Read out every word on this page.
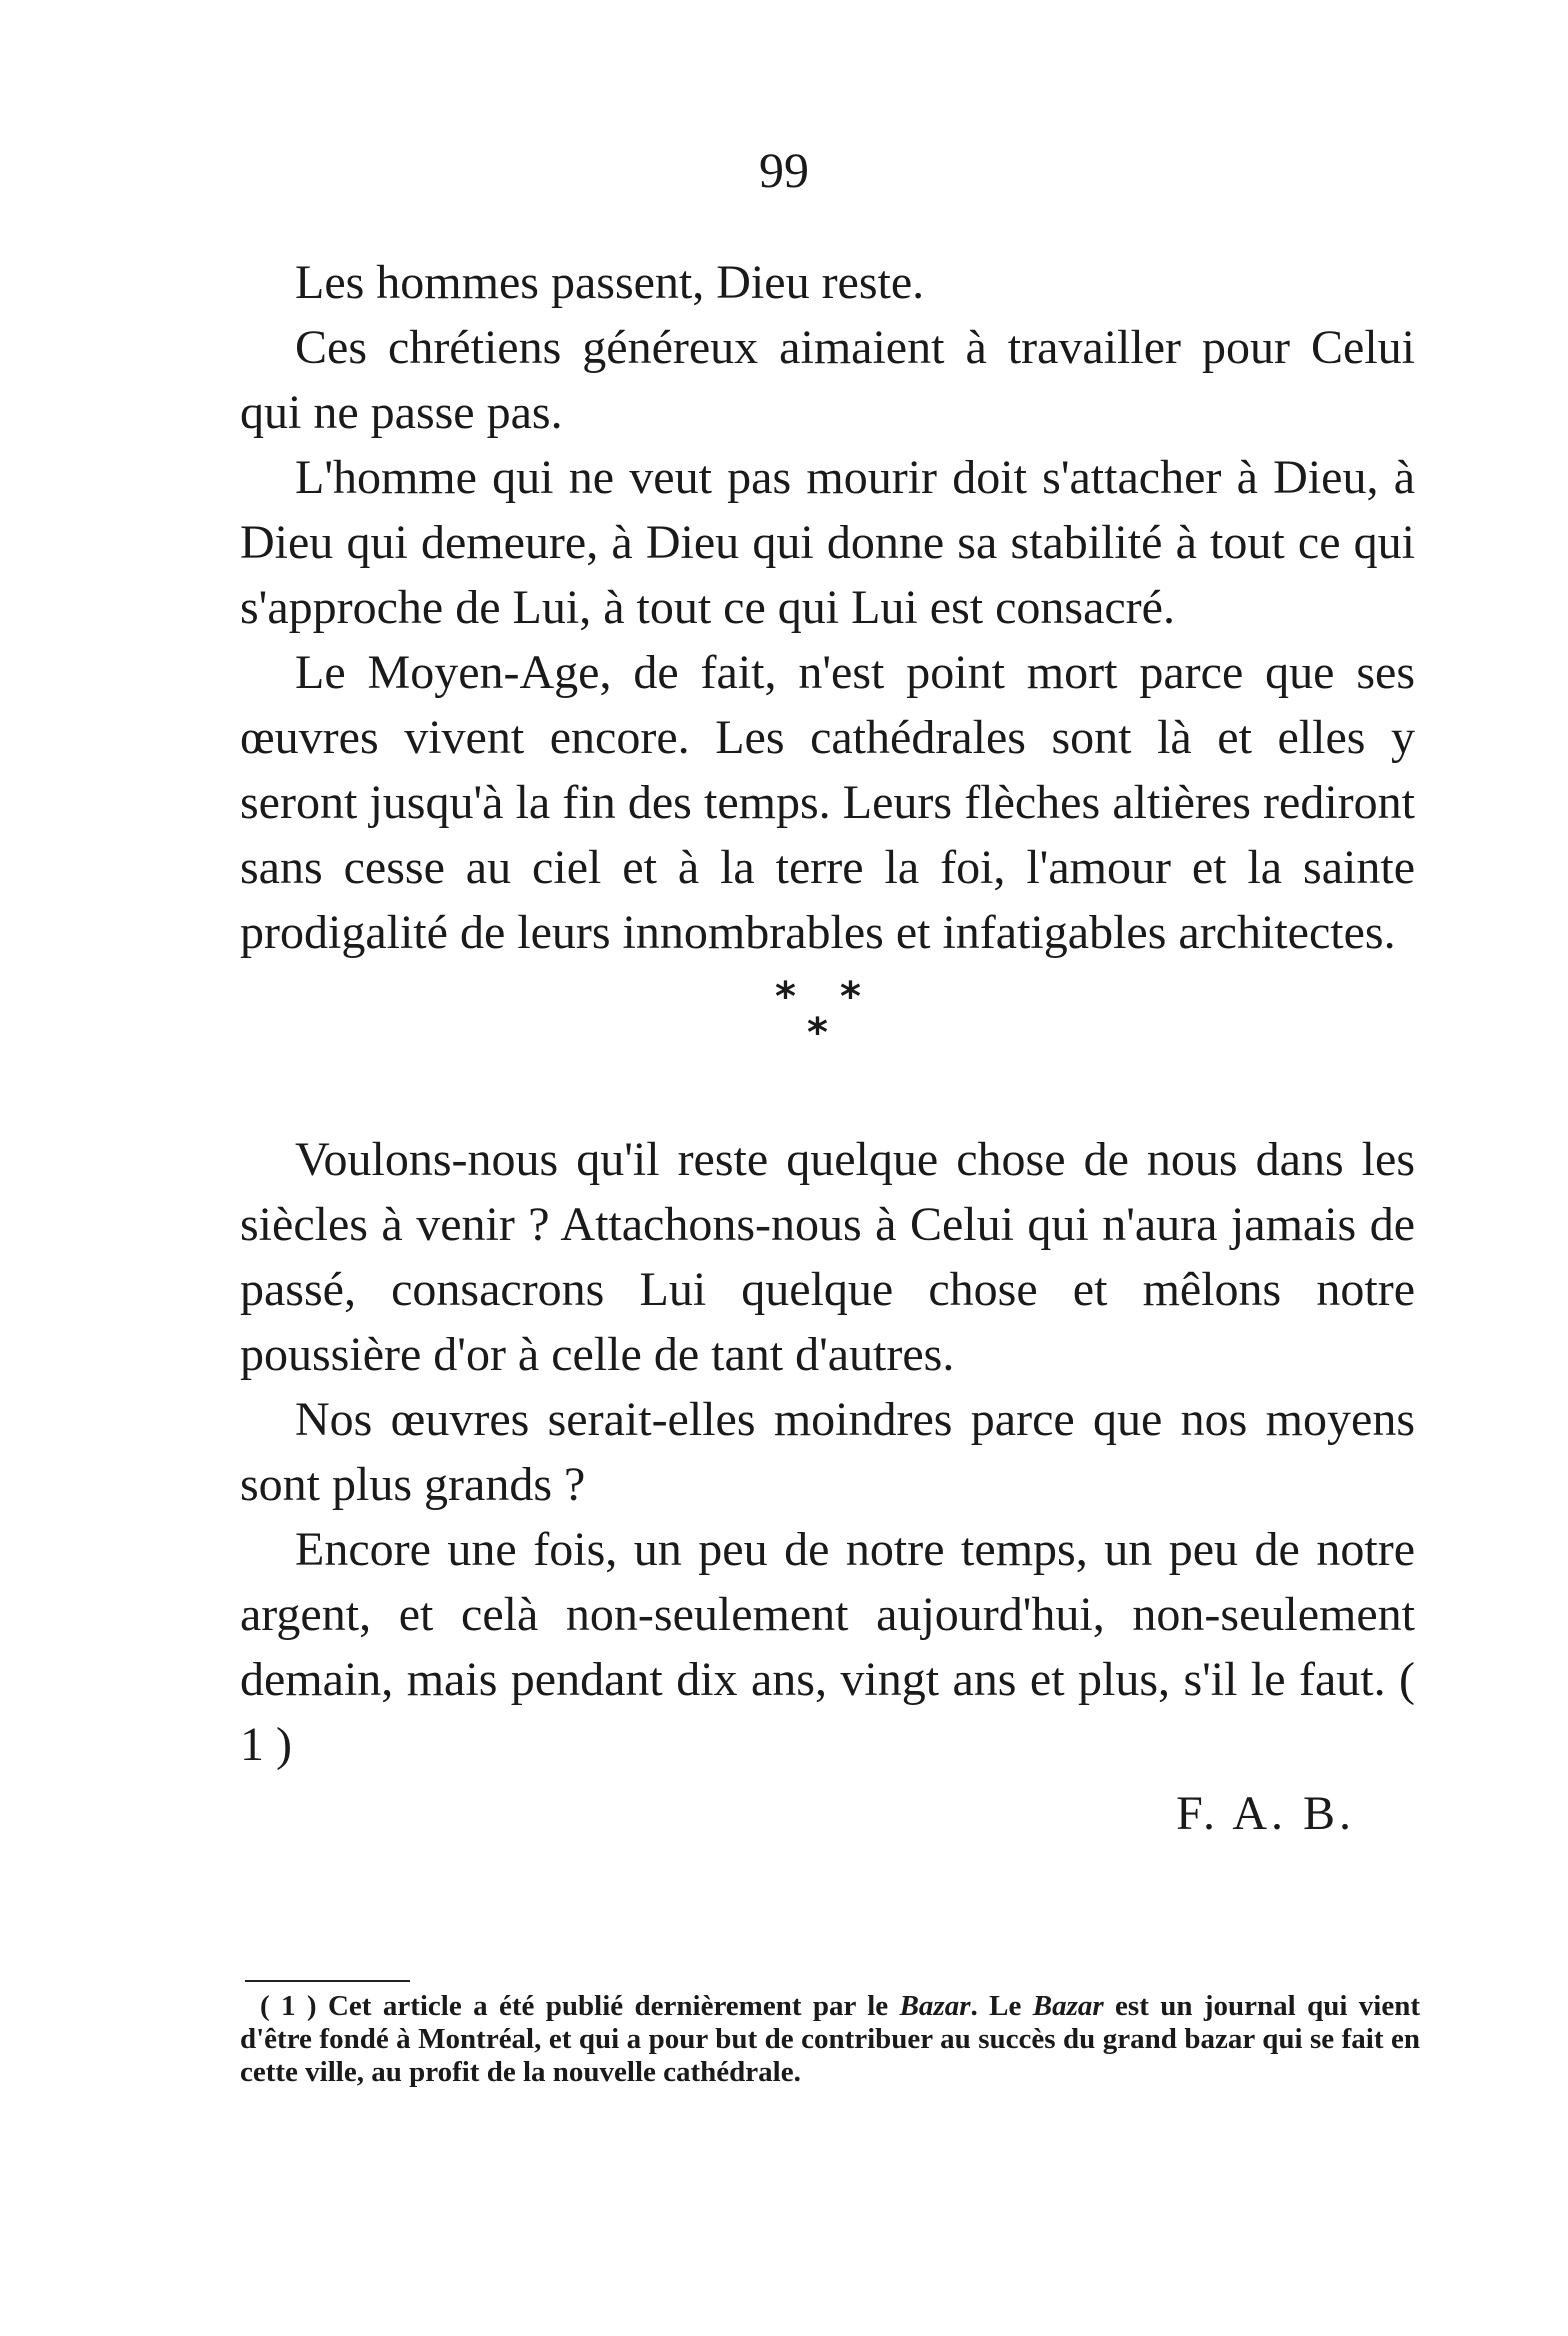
99

Les hommes passent, Dieu reste.

Ces chrétiens généreux aimaient à travailler pour Celui qui ne passe pas.

L'homme qui ne veut pas mourir doit s'attacher à Dieu, à Dieu qui demeure, à Dieu qui donne sa stabilité à tout ce qui s'approche de Lui, à tout ce qui Lui est consacré.

Le Moyen-Age, de fait, n'est point mort parce que ses œuvres vivent encore. Les cathédrales sont là et elles y seront jusqu'à la fin des temps. Leurs flèches altières rediront sans cesse au ciel et à la terre la foi, l'amour et la sainte prodigalité de leurs innombrables et infatigables architectes.

* *
*

Voulons-nous qu'il reste quelque chose de nous dans les siècles à venir ? Attachons-nous à Celui qui n'aura jamais de passé, consacrons Lui quelque chose et mêlons notre poussière d'or à celle de tant d'autres.

Nos œuvres serait-elles moindres parce que nos moyens sont plus grands ?

Encore une fois, un peu de notre temps, un peu de notre argent, et celà non-seulement aujourd'hui, non-seulement demain, mais pendant dix ans, vingt ans et plus, s'il le faut. ( 1 )

F. A. B.

( 1 ) Cet article a été publié dernièrement par le Bazar. Le Bazar est un journal qui vient d'être fondé à Montréal, et qui a pour but de contribuer au succès du grand bazar qui se fait en cette ville, au profit de la nouvelle cathédrale.
